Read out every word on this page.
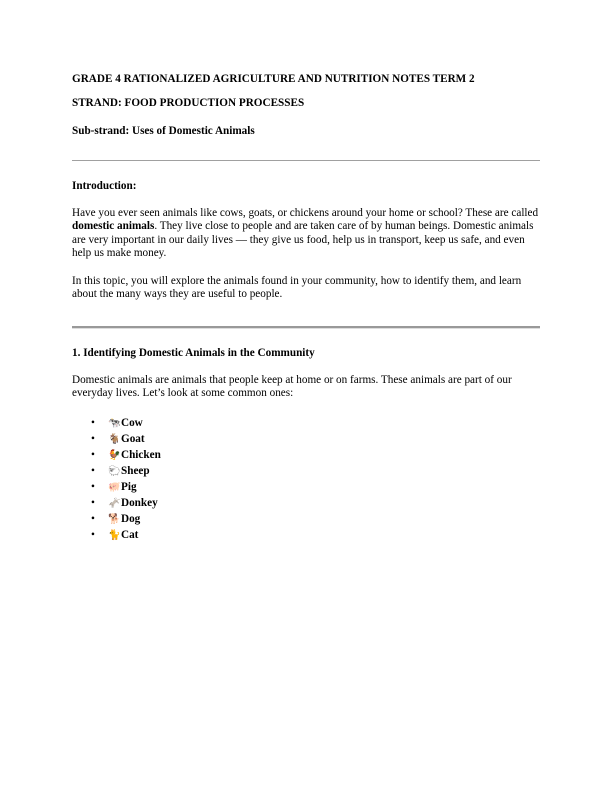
GRADE 4 RATIONALIZED AGRICULTURE AND NUTRITION NOTES TERM 2
STRAND: FOOD PRODUCTION PROCESSES
Sub-strand: Uses of Domestic Animals
Introduction:
Have you ever seen animals like cows, goats, or chickens around your home or school? These are called domestic animals. They live close to people and are taken care of by human beings. Domestic animals are very important in our daily lives — they give us food, help us in transport, keep us safe, and even help us make money.
In this topic, you will explore the animals found in your community, how to identify them, and learn about the many ways they are useful to people.
1. Identifying Domestic Animals in the Community
Domestic animals are animals that people keep at home or on farms. These animals are part of our everyday lives. Let’s look at some common ones:
• 🐄Cow
• 🐐Goat
• 🐓Chicken
• 🐑Sheep
• 🐖Pig
• 🫏Donkey
• 🐕Dog
• 🐈Cat
